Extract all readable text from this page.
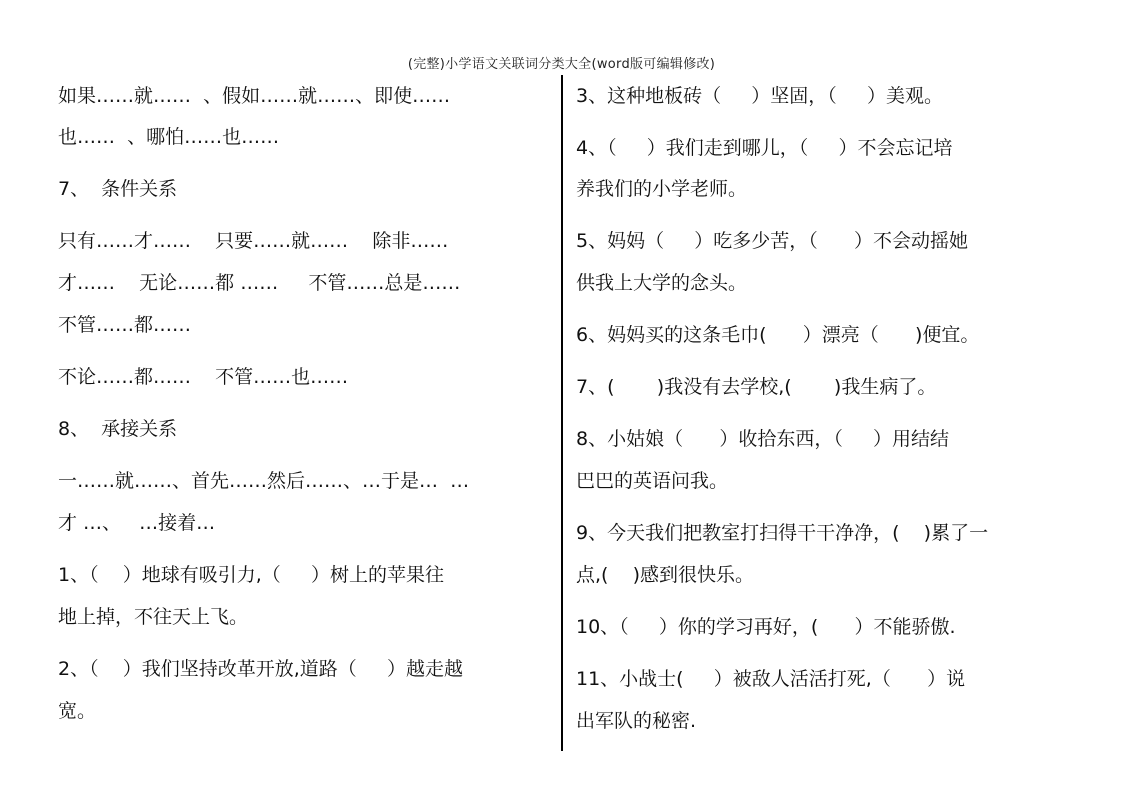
(完整)小学语文关联词分类大全(word版可编辑修改)
如果……就……  、假如……就……、即使……
也……  、哪怕……也……
7、  条件关系
只有……才……    只要……就……    除非……
才……    无论……都 ……     不管……总是……
不管……都……
不论……都……    不管……也……
8、  承接关系
一……就……、首先……然后……、…于是…  …
才 …、   …接着…
1、（    ）地球有吸引力,（     ）树上的苹果往
地上掉，不往天上飞。
2、（    ）我们坚持改革开放,道路（     ）越走越
宽。
3、这种地板砖（     ）坚固，（     ）美观。
4、（     ）我们走到哪儿，（     ）不会忘记培
养我们的小学老师。
5、妈妈（     ）吃多少苦，（      ）不会动摇她
供我上大学的念头。
6、妈妈买的这条毛巾(      ）漂亮（      )便宜。
7、(       )我没有去学校,(       )我生病了。
8、小姑娘（      ）收拾东西，（     ）用结结
巴巴的英语问我。
9、今天我们把教室打扫得干干净净，(    )累了一
点,(    )感到很快乐。
10、（     ）你的学习再好，(      ）不能骄傲.
11、小战士(     ）被敌人活活打死,（      ）说
出军队的秘密.
